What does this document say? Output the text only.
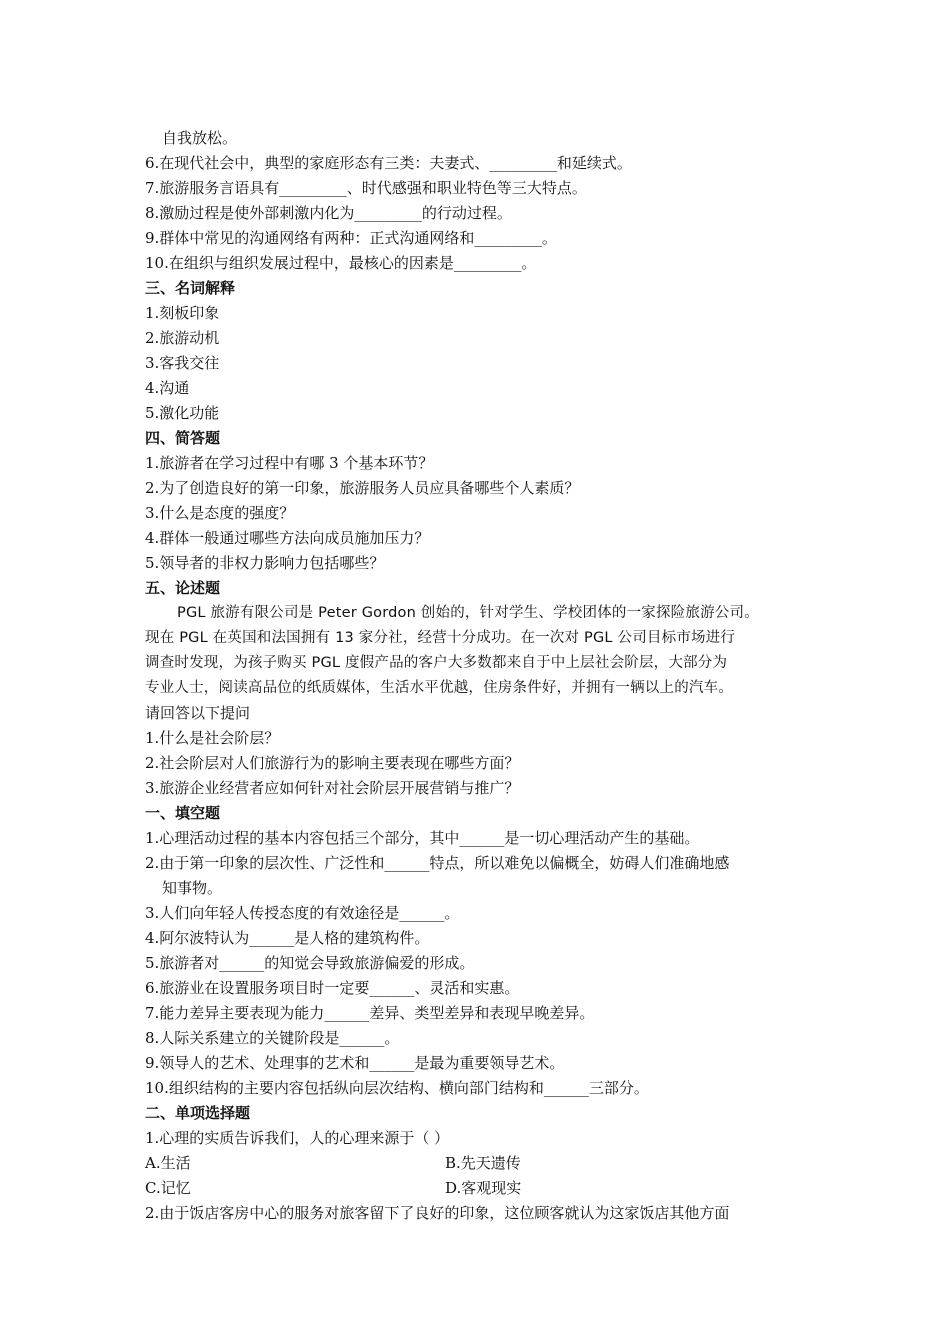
自我放松。
6.在现代社会中，典型的家庭形态有三类：夫妻式、_________和延续式。
7.旅游服务言语具有_________、时代感强和职业特色等三大特点。
8.激励过程是使外部刺激内化为_________的行动过程。
9.群体中常见的沟通网络有两种：正式沟通网络和_________。
10.在组织与组织发展过程中，最核心的因素是_________。
三、名词解释
1.刻板印象
2.旅游动机
3.客我交往
4.沟通
5.激化功能
四、简答题
1.旅游者在学习过程中有哪 3 个基本环节？
2.为了创造良好的第一印象，旅游服务人员应具备哪些个人素质？
3.什么是态度的强度？
4.群体一般通过哪些方法向成员施加压力？
5.领导者的非权力影响力包括哪些？
五、论述题
PGL 旅游有限公司是 Peter Gordon 创始的，针对学生、学校团体的一家探险旅游公司。
现在 PGL 在英国和法国拥有 13 家分社，经营十分成功。在一次对 PGL 公司目标市场进行
调查时发现，为孩子购买 PGL 度假产品的客户大多数都来自于中上层社会阶层，大部分为
专业人士，阅读高品位的纸质媒体，生活水平优越，住房条件好，并拥有一辆以上的汽车。
请回答以下提问
1.什么是社会阶层？
2.社会阶层对人们旅游行为的影响主要表现在哪些方面？
3.旅游企业经营者应如何针对社会阶层开展营销与推广？
一、填空题
1.心理活动过程的基本内容包括三个部分，其中______是一切心理活动产生的基础。
2.由于第一印象的层次性、广泛性和______特点，所以难免以偏概全，妨碍人们准确地感
知事物。
3.人们向年轻人传授态度的有效途径是______。
4.阿尔波特认为______是人格的建筑构件。
5.旅游者对______的知觉会导致旅游偏爱的形成。
6.旅游业在设置服务项目时一定要______、灵活和实惠。
7.能力差异主要表现为能力______差异、类型差异和表现早晚差异。
8.人际关系建立的关键阶段是______。
9.领导人的艺术、处理事的艺术和______是最为重要领导艺术。
10.组织结构的主要内容包括纵向层次结构、横向部门结构和______三部分。
二、单项选择题
1.心理的实质告诉我们，人的心理来源于（ ）
A.生活	B.先天遗传
C.记忆	D.客观现实
2.由于饭店客房中心的服务对旅客留下了良好的印象，这位顾客就认为这家饭店其他方面
